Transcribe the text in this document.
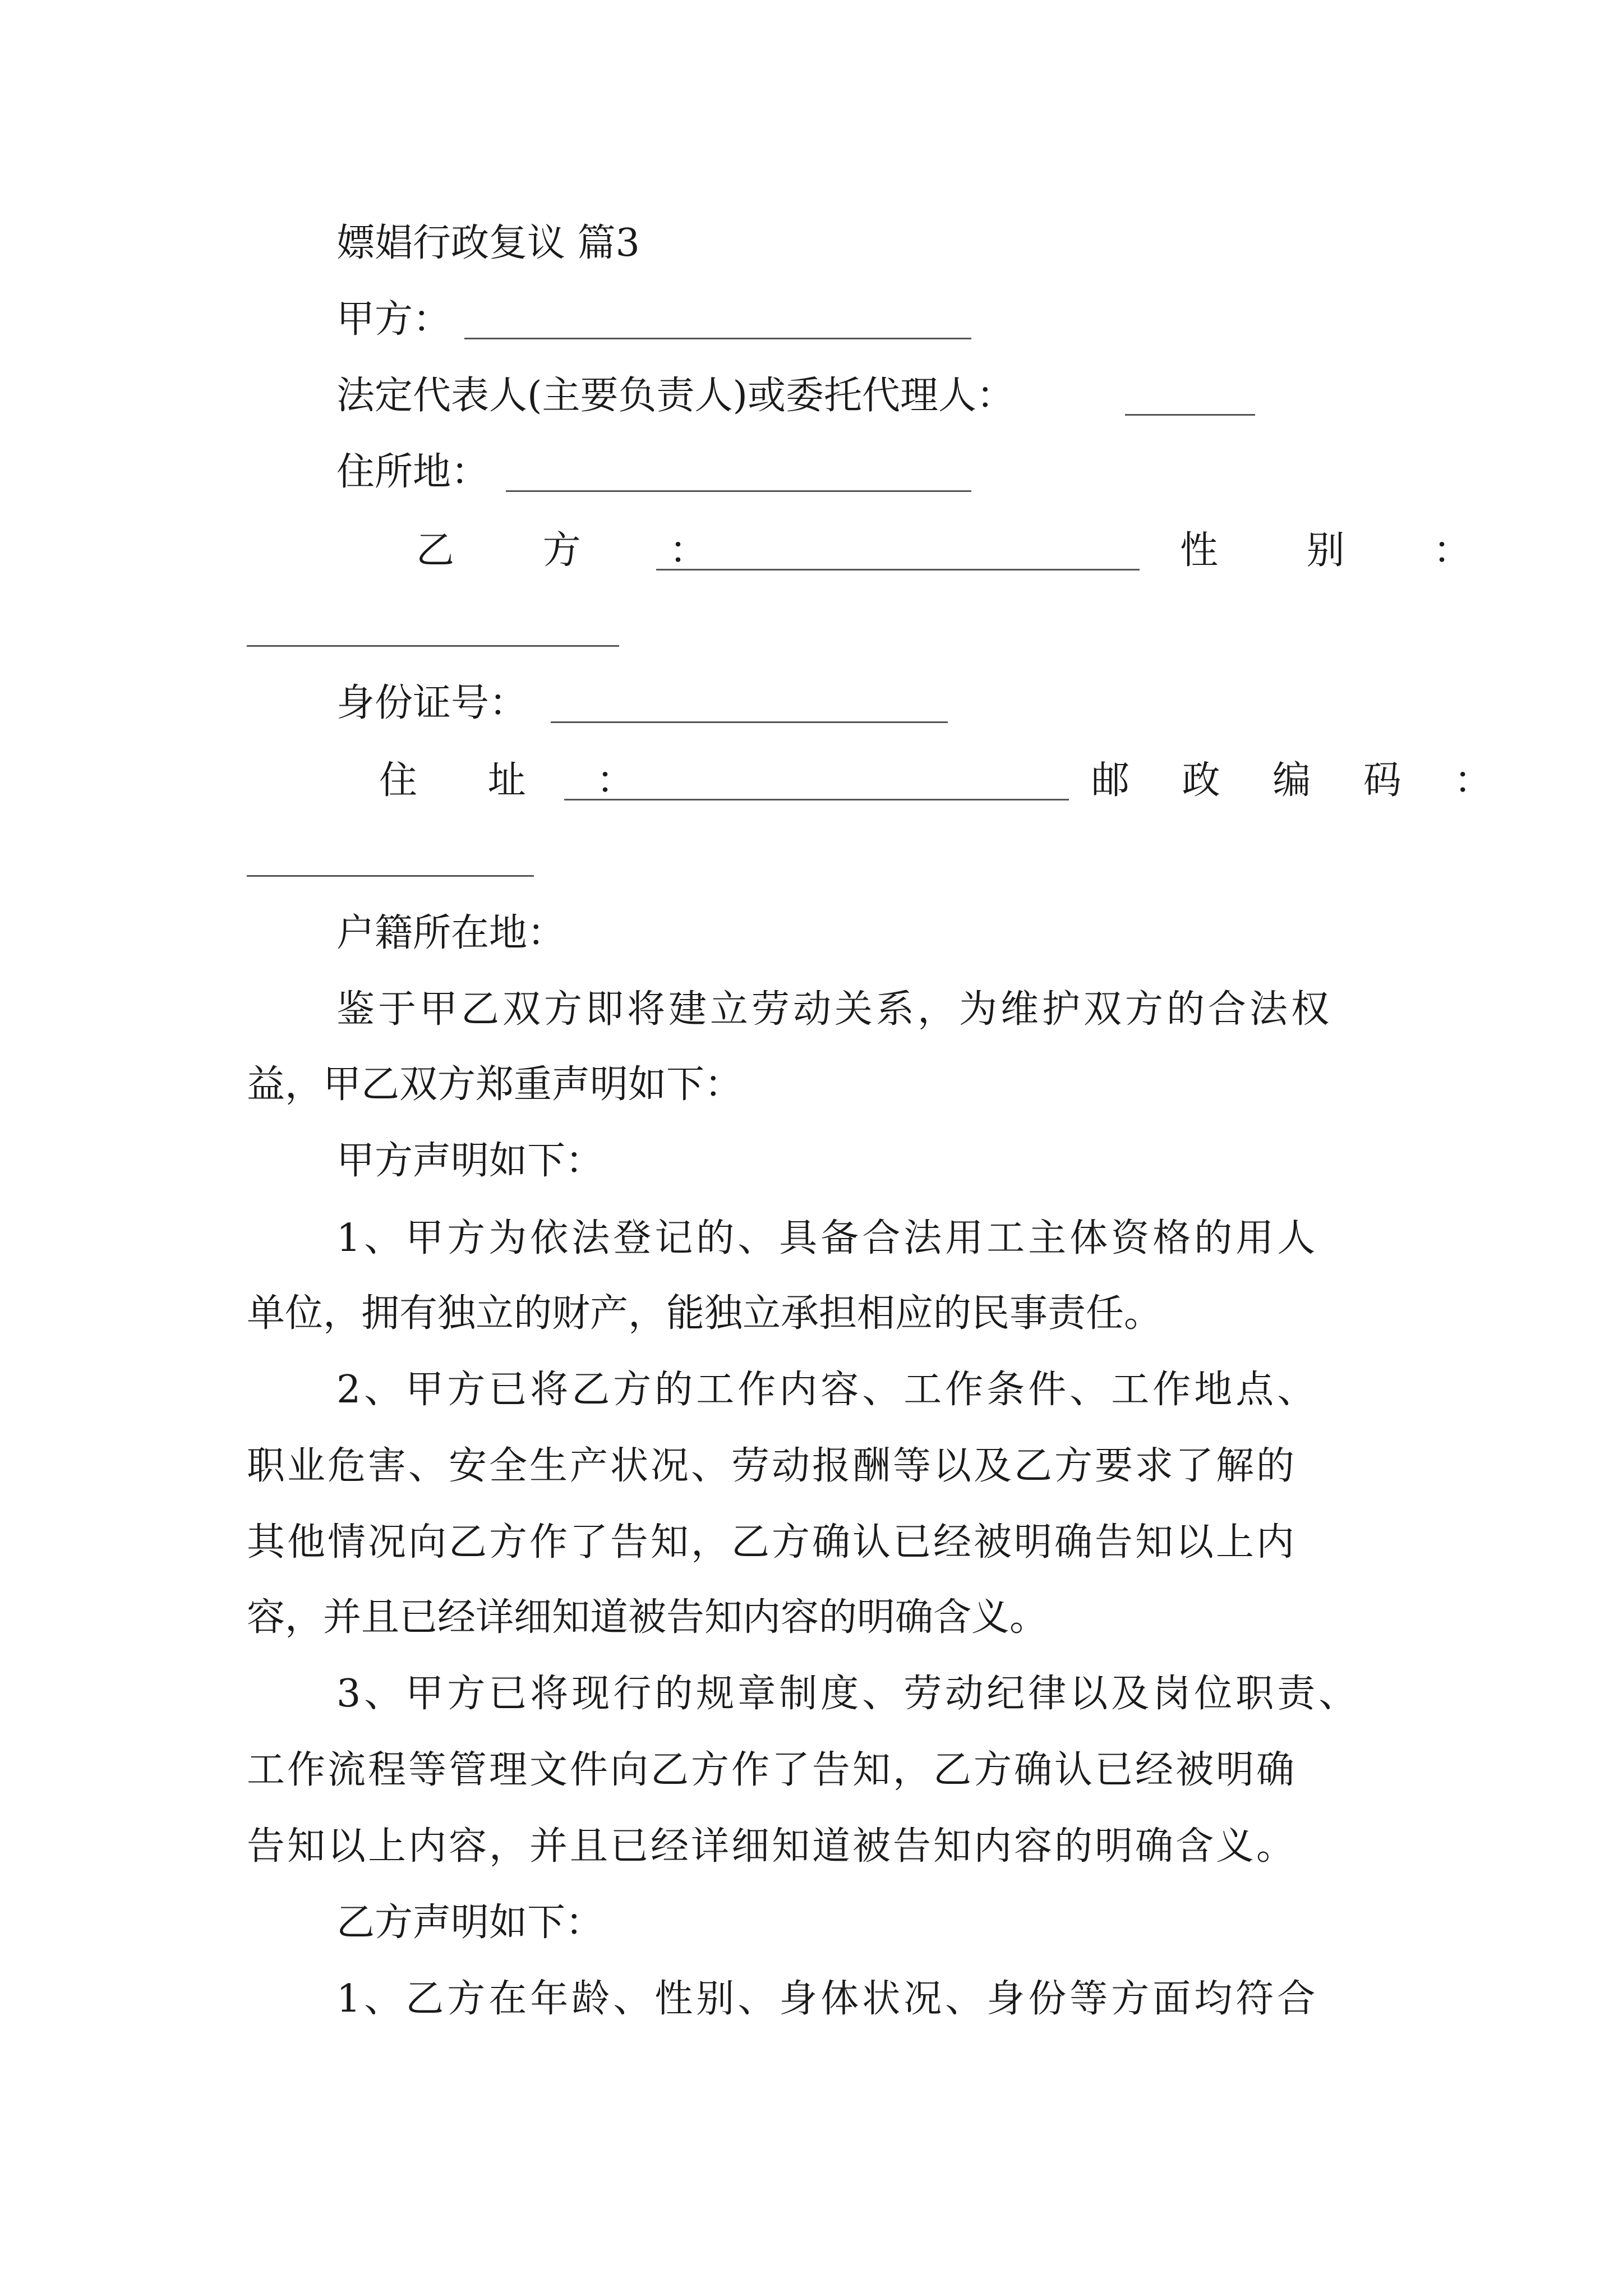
嫖娼行政复议 篇3
甲方：
法定代表人(主要负责人)或委托代理人：
住所地：
乙 方 ：	性 别 ：
身份证号：
住 址 ：	邮 政 编 码 ：
户籍所在地：
鉴于甲乙双方即将建立劳动关系，为维护双方的合法权
益，甲乙双方郑重声明如下：
甲方声明如下：
1、甲方为依法登记的、具备合法用工主体资格的用人
单位，拥有独立的财产，能独立承担相应的民事责任。
2、甲方已将乙方的工作内容、工作条件、工作地点、
职业危害、安全生产状况、劳动报酬等以及乙方要求了解的
其他情况向乙方作了告知，乙方确认已经被明确告知以上内
容，并且已经详细知道被告知内容的明确含义。
3、甲方已将现行的规章制度、劳动纪律以及岗位职责、
工作流程等管理文件向乙方作了告知，乙方确认已经被明确
告知以上内容，并且已经详细知道被告知内容的明确含义。
乙方声明如下：
1、乙方在年龄、性别、身体状况、身份等方面均符合
